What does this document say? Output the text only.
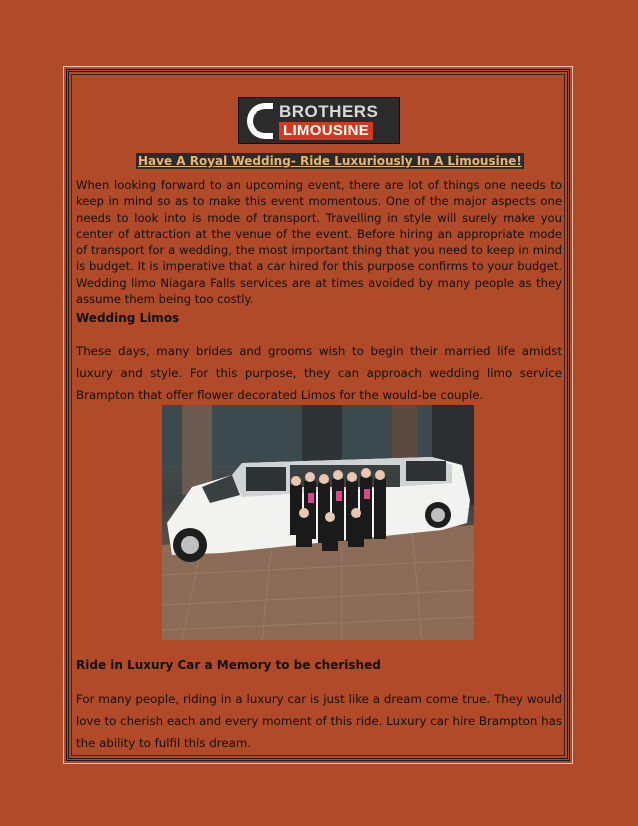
BROTHERS
LIMOUSINE
Have A Royal Wedding- Ride Luxuriously In A Limousine!
When looking forward to an upcoming event, there are lot of things one needs to keep in mind so as to make this event momentous. One of the major aspects one needs to look into is mode of transport. Travelling in style will surely make you center of attraction at the venue of the event. Before hiring an appropriate mode of transport for a wedding, the most important thing that you need to keep in mind is budget. It is imperative that a car hired for this purpose confirms to your budget. Wedding limo Niagara Falls services are at times avoided by many people as they assume them being too costly.
Wedding Limos
These days, many brides and grooms wish to begin their married life amidst luxury and style. For this purpose, they can approach wedding limo service Brampton that offer flower decorated Limos for the would-be couple.
Ride in Luxury Car a Memory to be cherished
For many people, riding in a luxury car is just like a dream come true. They would love to cherish each and every moment of this ride. Luxury car hire Brampton has the ability to fulfil this dream.
